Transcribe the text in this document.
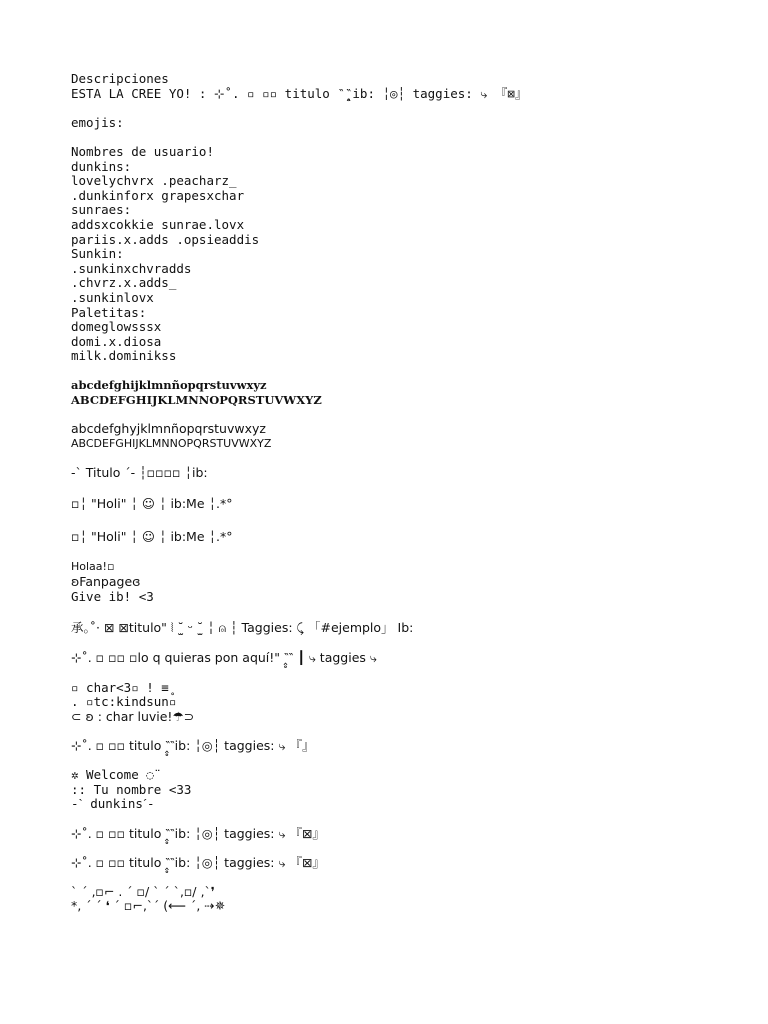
Descripciones
ESTA LA CREE YO! : ⊹˚. ▫ ▫▫ titulo ‶̭̥‶ib: ╎◎┆ taggies: ⤷ 『⊠』
emojis:
Nombres de usuario!
dunkins:
lovelychvrx .peacharz_
.dunkinforx grapesxchar
sunraes:
addsxcokkie sunrae.lovx
pariis.x.adds .opsieaddis
Sunkin:
.sunkinxchvradds
.chvrz.x.adds_
.sunkinlovx
Paletitas:
domeglowsssx
domi.x.diosa
milk.dominikss
abcdefghijklmnñopqrstuvwxyz
ABCDEFGHIJKLMNNOPQRSTUVWXYZ
abcdefghyjklmnñopqrstuvwxyz
ABCDEFGHIJKLMNNOPQRSTUVWXYZ
-ˋ Titulo ˊ- ┆▫▫▫▫ ╎ib:
▫╎ "Holi" ╎ ☺ ╎ ib:Me ╎.*°
▫╎ "Holi" ╎ ☺ ╎ ib:Me ╎.*°
Holaa!▫
ʚFanpageɞ
Give ib! <3
承｡˚· ⊠ ⊠titulo" ⦚ ˘̫ ᵕ ˘̫ ╎ ⍝ ┆ Taggies: ⤹ 「#ejemplo」 Ib:
⊹˚. ▫ ▫▫ ▫lo q quieras pon aquí!" ‶̭̥‶ ┃ ⤷ taggies ⤷
▫ char<3▫ ! ≡̥
. ▫tc:kindsun▫
⊂ ʚ : char luvie!☂⊃
⊹˚. ▫ ▫▫ titulo ‶̭̥‶ib: ╎◎┆ taggies: ⤷ 『』
✲ Welcome ◌̈
:: Tu nombre <33
-ˋ dunkinsˊ-
⊹˚. ▫ ▫▫ titulo ‶̭̥‶ib: ╎◎┆ taggies: ⤷ 『⊠』
⊹˚. ▫ ▫▫ titulo ‶̭̥‶ib: ╎◎┆ taggies: ⤷ 『⊠』
ˋ ˊ ‚▫⌐ . ˊ ▫/ ˋ ˊ ˋ‚▫/ ‚ˋ❜
*‚ ˊ ˊ ❛ ˊ ▫⌐‚ˋˊ (⟵ ˊ‚ ⇢✵
